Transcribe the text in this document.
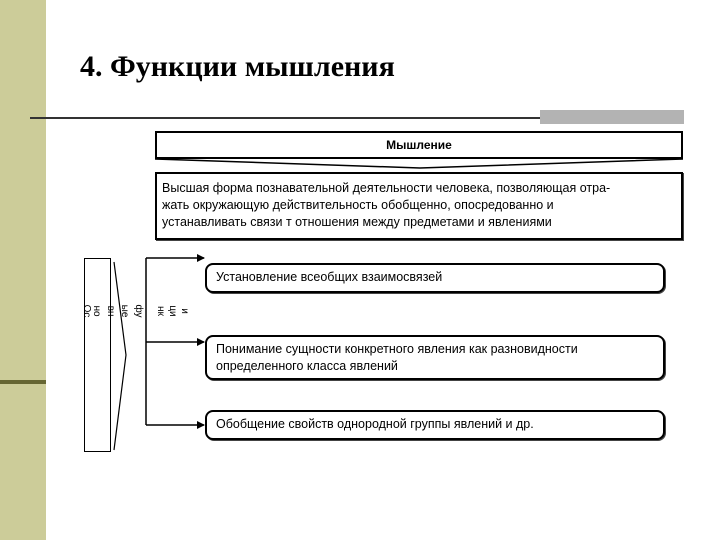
4. Функции мышления
Мышление
Высшая форма познавательной деятельности человека, позволяющая отра-
жать окружающую действительность обобщенно, опосредованно и
устанавливать связи т отношения между предметами и явлениями
Ос но вн ые фу нк ци и
Установление всеобщих взаимосвязей
Понимание сущности конкретного явления как разновидности
определенного класса явлений
Обобщение свойств однородной группы явлений и др.
